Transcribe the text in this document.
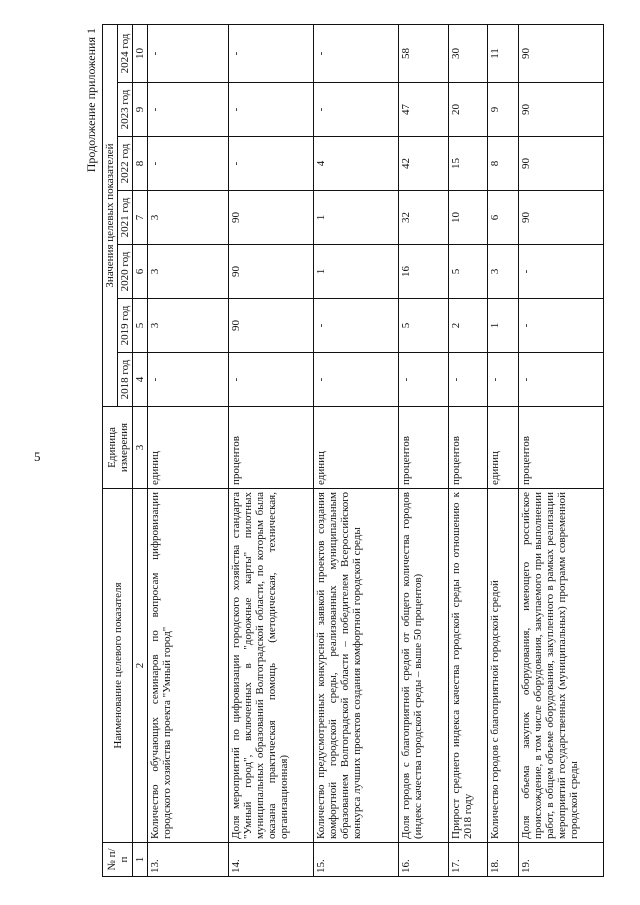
5
Продолжение приложения 1
№ п/п	Наименование целевого показателя	Единица измерения	Значения целевых показателей						
			2018 год	2019 год	2020 год	2021 год	2022 год	2023 год	2024 год
1	2	3	4	5	6	7	8	9	10
13.	Количество обучающих семинаров по вопросам цифровизации городского хозяйства проекта "Умный город"	единиц	-	3	3	3	-	-	-
14.	Доля мероприятий по цифровизации городского хозяйства стандарта "Умный город", включенных в "дорожные карты" пилотных муниципальных образований Волгоградской области, по которым была оказана практическая помощь (методическая, техническая, организационная)	процентов	-	90	90	90	-	-	-
15.	Количество предусмотренных конкурсной заявкой проектов создания комфортной городской среды, реализованных муниципальным образованием Волгоградской области – победителем Всероссийского конкурса лучших проектов создания комфортной городской среды	единиц	-	-	1	1	4	-	-
16.	Доля городов с благоприятной средой от общего количества городов (индекс качества городской среды – выше 50 процентов)	процентов	-	5	16	32	42	47	58
17.	Прирост среднего индекса качества городской среды по отношению к 2018 году	процентов	-	2	5	10	15	20	30
18.	Количество городов с благоприятной городской средой	единиц	-	1	3	6	8	9	11
19.	Доля объема закупок оборудования, имеющего российское происхождение, в том числе оборудования, закупаемого при выполнении работ, в общем объеме оборудования, закупленного в рамках реализации мероприятий государственных (муниципальных) программ современной городской среды	процентов	-	-	-	90	90	90	90
